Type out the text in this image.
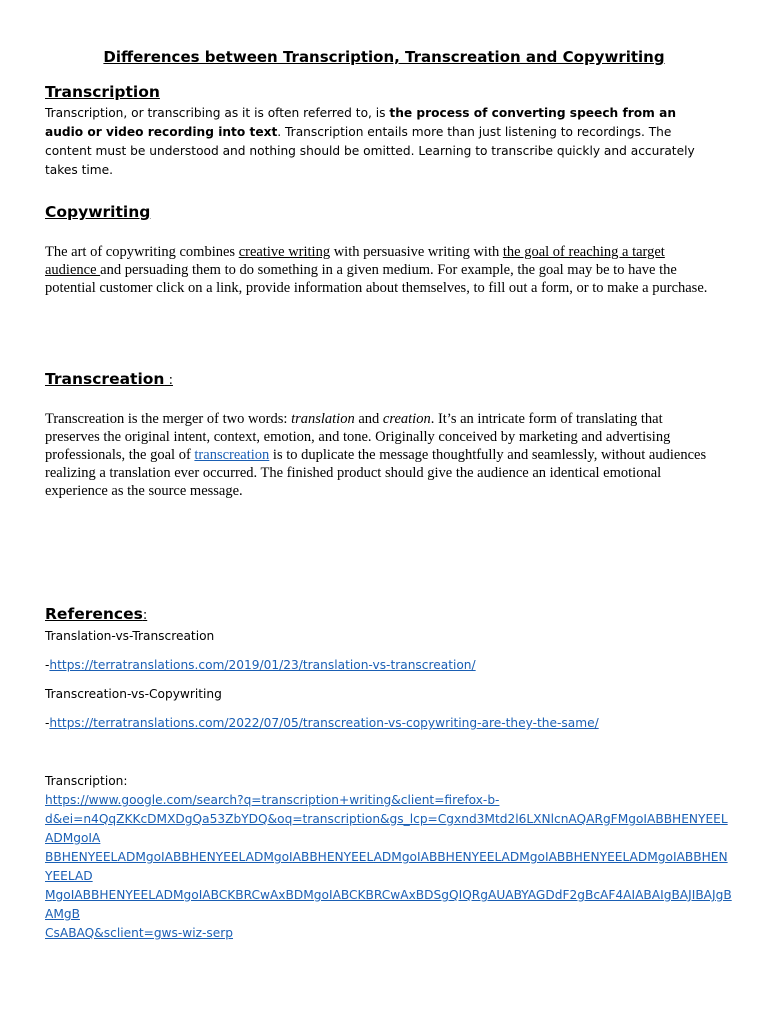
Differences between Transcription, Transcreation and Copywriting
Transcription
Transcription, or transcribing as it is often referred to, is the process of converting speech from an audio or video recording into text. Transcription entails more than just listening to recordings. The content must be understood and nothing should be omitted. Learning to transcribe quickly and accurately takes time.
Copywriting
The art of copywriting combines creative writing with persuasive writing with the goal of reaching a target audience and persuading them to do something in a given medium. For example, the goal may be to have the potential customer click on a link, provide information about themselves, to fill out a form, or to make a purchase.
Transcreation :
Transcreation is the merger of two words: translation and creation. It’s an intricate form of translating that preserves the original intent, context, emotion, and tone. Originally conceived by marketing and advertising professionals, the goal of transcreation is to duplicate the message thoughtfully and seamlessly, without audiences realizing a translation ever occurred. The finished product should give the audience an identical emotional experience as the source message.
References:
Translation-vs-Transcreation
-https://terratranslations.com/2019/01/23/translation-vs-transcreation/
Transcreation-vs-Copywriting
-https://terratranslations.com/2022/07/05/transcreation-vs-copywriting-are-they-the-same/
Transcription:
https://www.google.com/search?q=transcription+writing&client=firefox-b-
d&ei=n4QqZKKcDMXDgQa53ZbYDQ&oq=transcription&gs_lcp=Cgxnd3Mtd2l6LXNlcnAQARgFMgoIABBHENYEELADMgoIA
BBHENYEELADMgoIABBHENYEELADMgoIABBHENYEELADMgoIABBHENYEELADMgoIABBHENYEELADMgoIABBHENYEELAD
MgoIABBHENYEELADMgoIABCKBRCwAxBDMgoIABCKBRCwAxBDSgQIQRgAUABYAGDdF2gBcAF4AIABAIgBAJIBAJgBAMgB
CsABAQ&sclient=gws-wiz-serp
